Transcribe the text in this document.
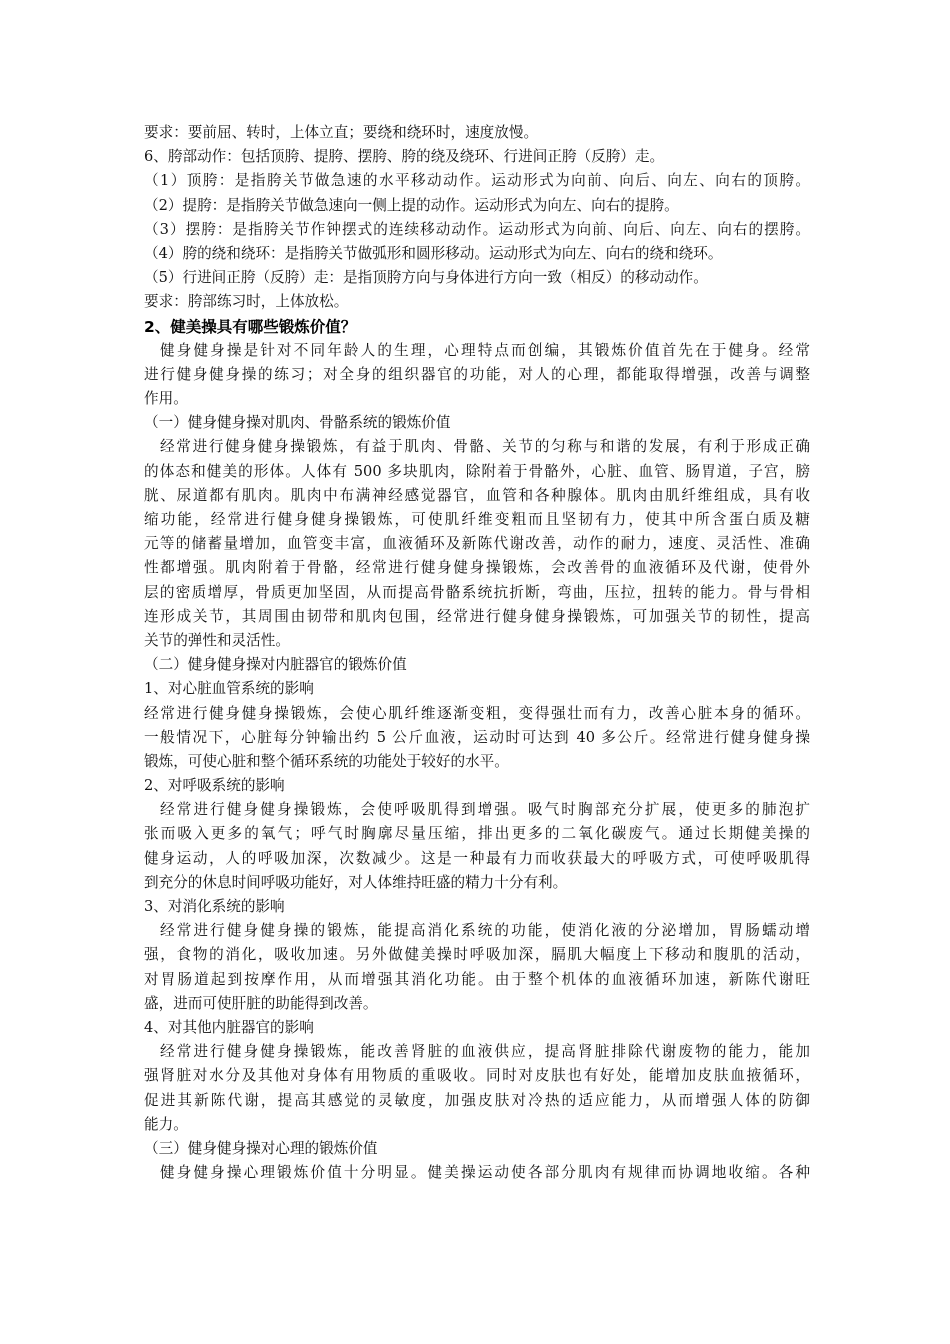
要求：要前屈、转时，上体立直；要绕和绕环时，速度放慢。
6、胯部动作：包括顶胯、提胯、摆胯、胯的绕及绕环、行进间正胯（反胯）走。
（1）顶胯：是指胯关节做急速的水平移动动作。运动形式为向前、向后、向左、向右的顶胯。
（2）提胯：是指胯关节做急速向一侧上提的动作。运动形式为向左、向右的提胯。
（3）摆胯：是指胯关节作钟摆式的连续移动动作。运动形式为向前、向后、向左、向右的摆胯。
（4）胯的绕和绕环：是指胯关节做弧形和圆形移动。运动形式为向左、向右的绕和绕环。
（5）行进间正胯（反胯）走：是指顶胯方向与身体进行方向一致（相反）的移动动作。
要求：胯部练习时，上体放松。
2、健美操具有哪些锻炼价值？
健身健身操是针对不同年龄人的生理，心理特点而创编，其锻炼价值首先在于健身。经常
进行健身健身操的练习；对全身的组织器官的功能，对人的心理，都能取得增强，改善与调整
作用。
（一）健身健身操对肌肉、骨骼系统的锻炼价值
经常进行健身健身操锻炼，有益于肌肉、骨骼、关节的匀称与和谐的发展，有利于形成正确
的体态和健美的形体。人体有 500 多块肌肉，除附着于骨骼外，心脏、血管、肠胃道，子宫，膀
胱、尿道都有肌肉。肌肉中布满神经感觉器官，血管和各种腺体。肌肉由肌纤维组成，具有收
缩功能，经常进行健身健身操锻炼，可使肌纤维变粗而且坚韧有力，使其中所含蛋白质及糖
元等的储蓄量增加，血管变丰富，血液循环及新陈代谢改善，动作的耐力，速度、灵活性、准确
性都增强。肌肉附着于骨骼，经常进行健身健身操锻炼，会改善骨的血液循环及代谢，使骨外
层的密质增厚，骨质更加坚固，从而提高骨骼系统抗折断，弯曲，压拉，扭转的能力。骨与骨相
连形成关节，其周围由韧带和肌肉包围，经常进行健身健身操锻炼，可加强关节的韧性，提高
关节的弹性和灵活性。
（二）健身健身操对内脏器官的锻炼价值
1、对心脏血管系统的影响
经常进行健身健身操锻炼，会使心肌纤维逐渐变粗，变得强壮而有力，改善心脏本身的循环。
一般情况下，心脏每分钟输出约 5 公斤血液，运动时可达到 40 多公斤。经常进行健身健身操
锻炼，可使心脏和整个循环系统的功能处于较好的水平。
2、对呼吸系统的影响
经常进行健身健身操锻炼，会使呼吸肌得到增强。吸气时胸部充分扩展，使更多的肺泡扩
张而吸入更多的氧气；呼气时胸廓尽量压缩，排出更多的二氧化碳废气。通过长期健美操的
健身运动，人的呼吸加深，次数减少。这是一种最有力而收获最大的呼吸方式，可使呼吸肌得
到充分的休息时间呼吸功能好，对人体维持旺盛的精力十分有利。
3、对消化系统的影响
经常进行健身健身操的锻炼，能提高消化系统的功能，使消化液的分泌增加，胃肠蠕动增
强，食物的消化，吸收加速。另外做健美操时呼吸加深，膈肌大幅度上下移动和腹肌的活动，
对胃肠道起到按摩作用，从而增强其消化功能。由于整个机体的血液循环加速，新陈代谢旺
盛，进而可使肝脏的助能得到改善。
4、对其他内脏器官的影响
经常进行健身健身操锻炼，能改善肾脏的血液供应，提高肾脏排除代谢废物的能力，能加
强肾脏对水分及其他对身体有用物质的重吸收。同时对皮肤也有好处，能增加皮肤血掖循环，
促进其新陈代谢，提高其感觉的灵敏度，加强皮肤对冷热的适应能力，从而增强人体的防御
能力。
（三）健身健身操对心理的锻炼价值
健身健身操心理锻炼价值十分明显。健美操运动使各部分肌肉有规律而协调地收缩。各种
